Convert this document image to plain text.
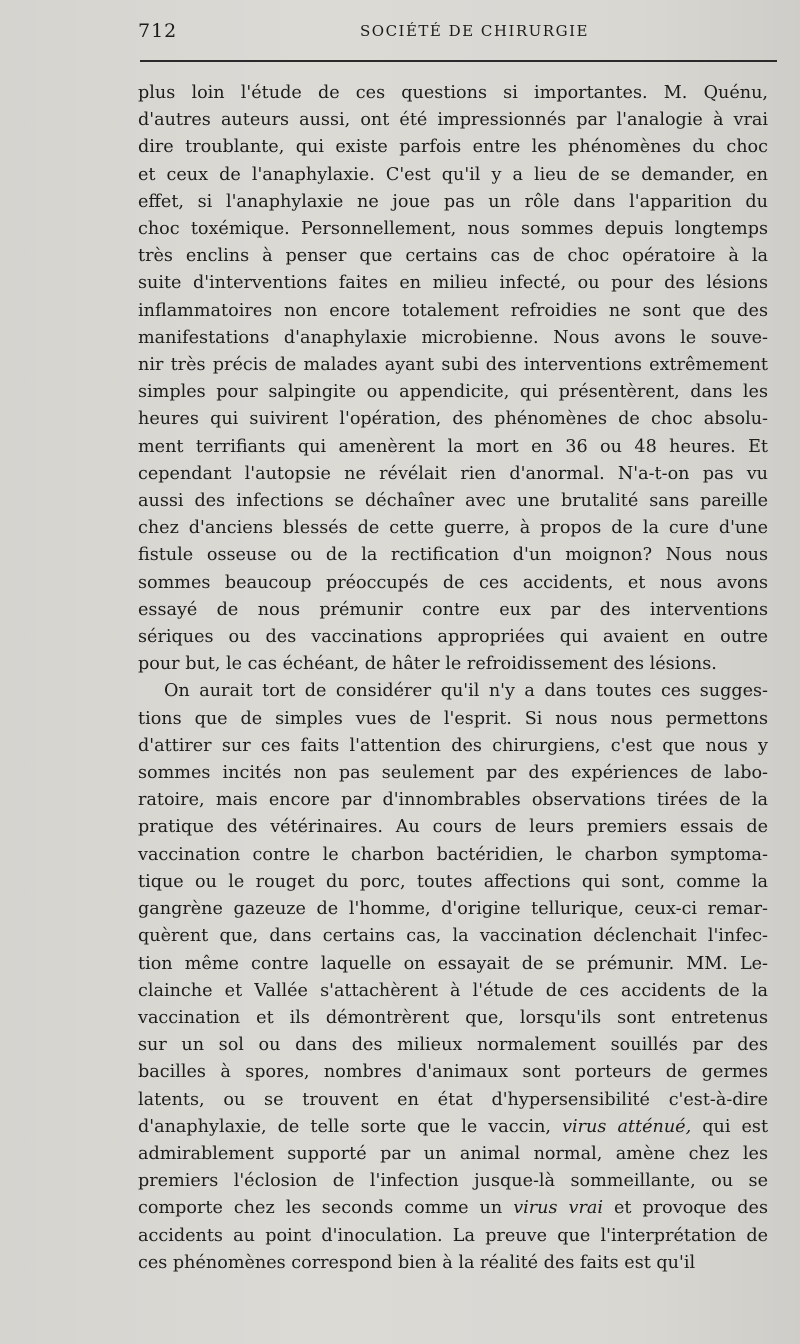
712	SOCIÉTÉ DE CHIRURGIE
plus loin l'étude de ces questions si importantes. M. Quénu,
d'autres auteurs aussi, ont été impressionnés par l'analogie à vrai
dire troublante, qui existe parfois entre les phénomènes du choc
et ceux de l'anaphylaxie. C'est qu'il y a lieu de se demander, en
effet, si l'anaphylaxie ne joue pas un rôle dans l'apparition du
choc toxémique. Personnellement, nous sommes depuis longtemps
très enclins à penser que certains cas de choc opératoire à la
suite d'interventions faites en milieu infecté, ou pour des lésions
inflammatoires non encore totalement refroidies ne sont que des
manifestations d'anaphylaxie microbienne. Nous avons le souve-
nir très précis de malades ayant subi des interventions extrêmement
simples pour salpingite ou appendicite, qui présentèrent, dans les
heures qui suivirent l'opération, des phénomènes de choc absolu-
ment terrifiants qui amenèrent la mort en 36 ou 48 heures. Et
cependant l'autopsie ne révélait rien d'anormal. N'a-t-on pas vu
aussi des infections se déchaîner avec une brutalité sans pareille
chez d'anciens blessés de cette guerre, à propos de la cure d'une
fistule osseuse ou de la rectification d'un moignon? Nous nous
sommes beaucoup préoccupés de ces accidents, et nous avons
essayé de nous prémunir contre eux par des interventions
sériques ou des vaccinations appropriées qui avaient en outre
pour but, le cas échéant, de hâter le refroidissement des lésions.
On aurait tort de considérer qu'il n'y a dans toutes ces sugges-
tions que de simples vues de l'esprit. Si nous nous permettons
d'attirer sur ces faits l'attention des chirurgiens, c'est que nous y
sommes incités non pas seulement par des expériences de labo-
ratoire, mais encore par d'innombrables observations tirées de la
pratique des vétérinaires. Au cours de leurs premiers essais de
vaccination contre le charbon bactéridien, le charbon symptoma-
tique ou le rouget du porc, toutes affections qui sont, comme la
gangrène gazeuze de l'homme, d'origine tellurique, ceux-ci remar-
quèrent que, dans certains cas, la vaccination déclenchait l'infec-
tion même contre laquelle on essayait de se prémunir. MM. Le-
clainche et Vallée s'attachèrent à l'étude de ces accidents de la
vaccination et ils démontrèrent que, lorsqu'ils sont entretenus
sur un sol ou dans des milieux normalement souillés par des
bacilles à spores, nombres d'animaux sont porteurs de germes
latents, ou se trouvent en état d'hypersensibilité c'est-à-dire
d'anaphylaxie, de telle sorte que le vaccin, virus atténué, qui est
admirablement supporté par un animal normal, amène chez les
premiers l'éclosion de l'infection jusque-là sommeillante, ou se
comporte chez les seconds comme un virus vrai et provoque des
accidents au point d'inoculation. La preuve que l'interprétation de
ces phénomènes correspond bien à la réalité des faits est qu'il
